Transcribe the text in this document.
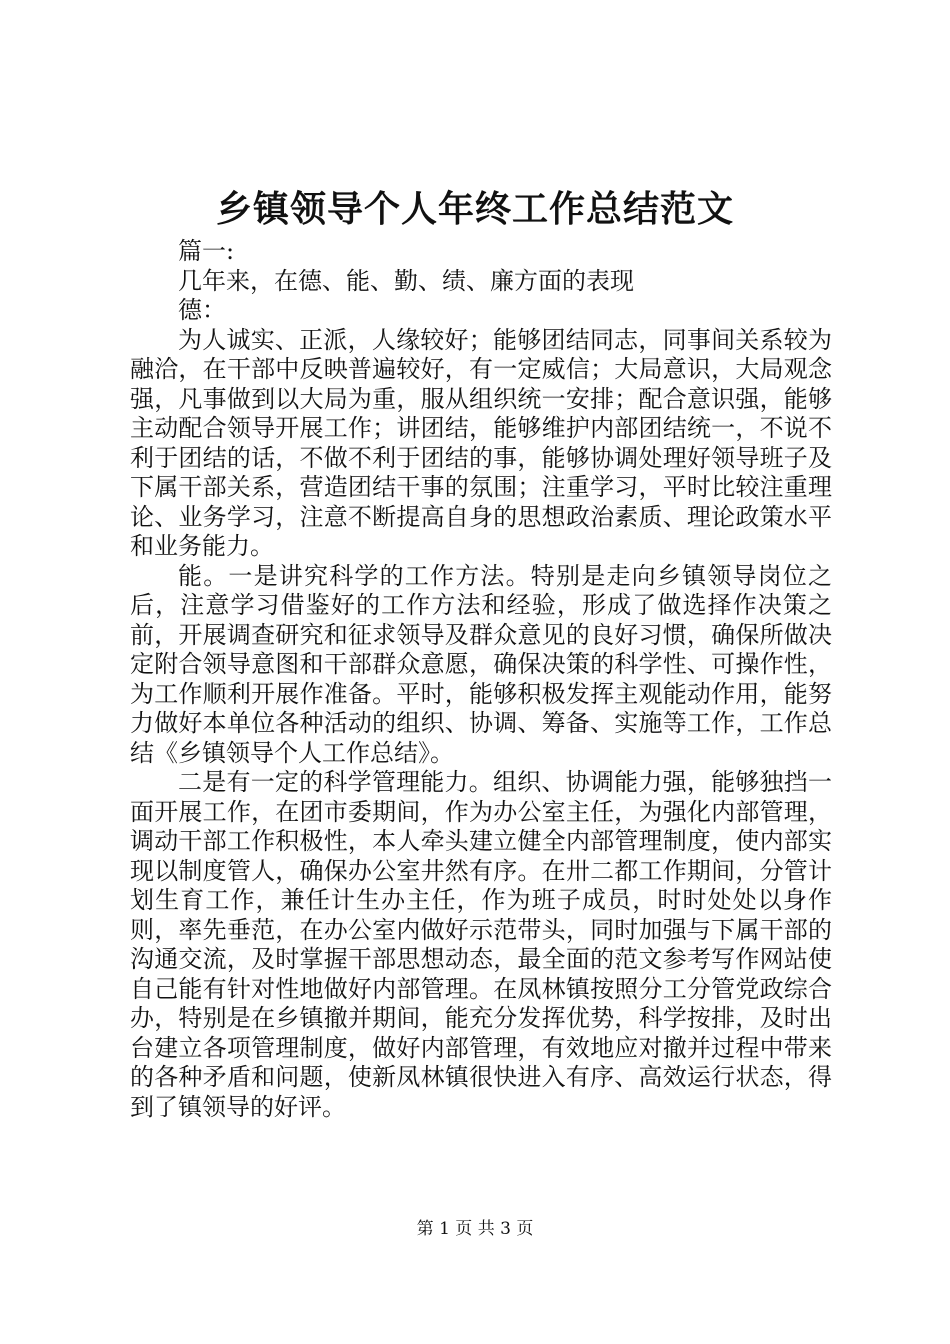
乡镇领导个人年终工作总结范文

篇一:

几年来，在德、能、勤、绩、廉方面的表现

德：

为人诚实、正派，人缘较好；能够团结同志，同事间关系较为融洽，在干部中反映普遍较好，有一定威信；大局意识，大局观念强，凡事做到以大局为重，服从组织统一安排；配合意识强，能够主动配合领导开展工作；讲团结，能够维护内部团结统一，不说不利于团结的话，不做不利于团结的事，能够协调处理好领导班子及下属干部关系，营造团结干事的氛围；注重学习，平时比较注重理论、业务学习，注意不断提高自身的思想政治素质、理论政策水平和业务能力。

能。一是讲究科学的工作方法。特别是走向乡镇领导岗位之后，注意学习借鉴好的工作方法和经验，形成了做选择作决策之前，开展调查研究和征求领导及群众意见的良好习惯，确保所做决定附合领导意图和干部群众意愿，确保决策的科学性、可操作性，为工作顺利开展作准备。平时，能够积极发挥主观能动作用，能努力做好本单位各种活动的组织、协调、筹备、实施等工作，工作总结《乡镇领导个人工作总结》。

二是有一定的科学管理能力。组织、协调能力强，能够独挡一面开展工作，在团市委期间，作为办公室主任，为强化内部管理，调动干部工作积极性，本人牵头建立健全内部管理制度，使内部实现以制度管人，确保办公室井然有序。在卅二都工作期间，分管计划生育工作，兼任计生办主任，作为班子成员，时时处处以身作则，率先垂范，在办公室内做好示范带头，同时加强与下属干部的沟通交流，及时掌握干部思想动态，最全面的范文参考写作网站使自己能有针对性地做好内部管理。在凤林镇按照分工分管党政综合办，特别是在乡镇撤并期间，能充分发挥优势，科学按排，及时出台建立各项管理制度，做好内部管理，有效地应对撤并过程中带来的各种矛盾和问题，使新凤林镇很快进入有序、高效运行状态，得到了镇领导的好评。

第 1 页 共 3 页
